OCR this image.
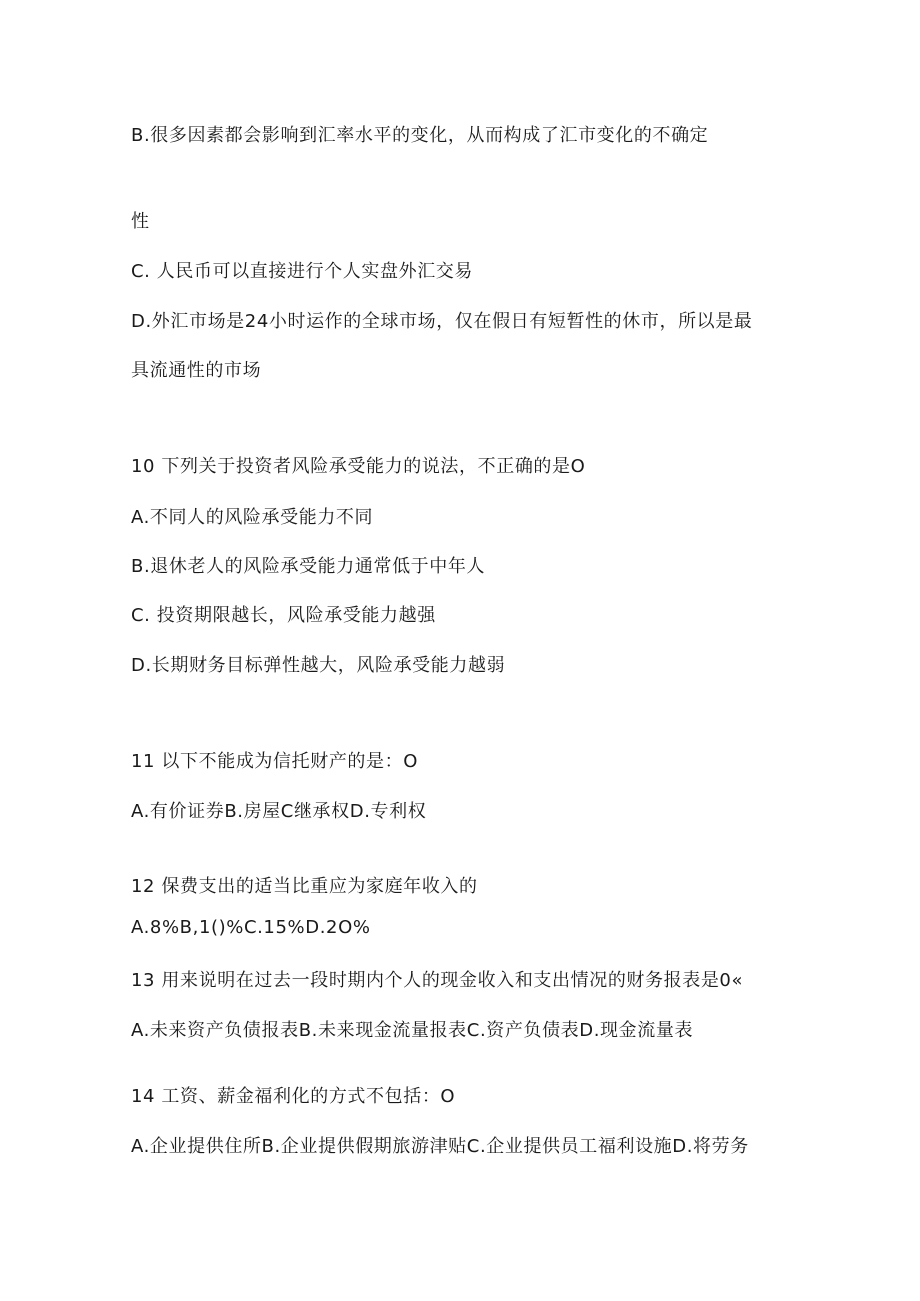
B.很多因素都会影响到汇率水平的变化，从而构成了汇市变化的不确定
性
C. 人民币可以直接进行个人实盘外汇交易
D.外汇市场是24小时运作的全球市场，仅在假日有短暂性的休市，所以是最
具流通性的市场
10 下列关于投资者风险承受能力的说法，不正确的是O
A.不同人的风险承受能力不同
B.退休老人的风险承受能力通常低于中年人
C. 投资期限越长，风险承受能力越强
D.长期财务目标弹性越大，风险承受能力越弱
11 以下不能成为信托财产的是：O
A.有价证券B.房屋C继承权D.专利权
12 保费支出的适当比重应为家庭年收入的
A.8%B,1()%C.15%D.2O%
13 用来说明在过去一段时期内个人的现金收入和支出情况的财务报表是0«
A.未来资产负债报表B.未来现金流量报表C.资产负债表D.现金流量表
14 工资、薪金福利化的方式不包括：O
A.企业提供住所B.企业提供假期旅游津贴C.企业提供员工福利设施D.将劳务
